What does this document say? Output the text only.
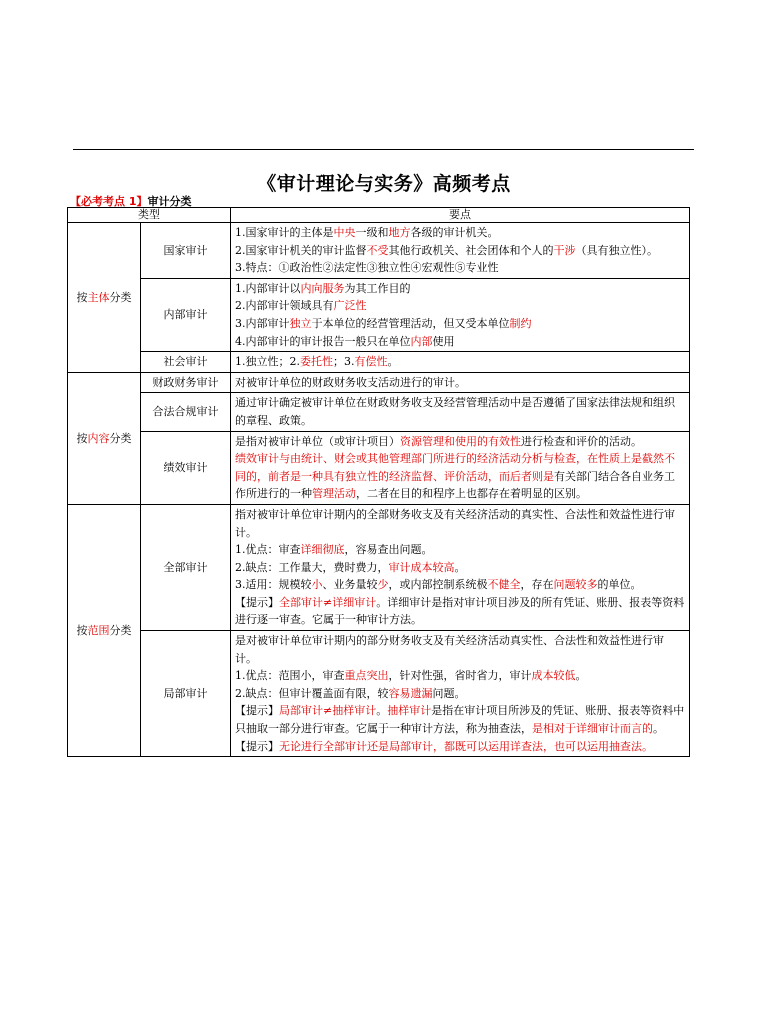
《审计理论与实务》高频考点
【必考考点 1】审计分类
类型		要点
按主体分类	国家审计	1.国家审计的主体是中央一级和地方各级的审计机关。

2.国家审计机关的审计监督不受其他行政机关、社会团体和个人的干涉（具有独立性）。

3.特点：①政治性②法定性③独立性④宏观性⑤专业性

	内部审计	1.内部审计以内向服务为其工作目的

2.内部审计领域具有广泛性

3.内部审计独立于本单位的经营管理活动，但又受本单位制约

4.内部审计的审计报告一般只在单位内部使用

	社会审计	1.独立性；2.委托性；3.有偿性。

按内容分类	财政财务审计	对被审计单位的财政财务收支活动进行的审计。

	合法合规审计	通过审计确定被审计单位在财政财务收支及经营管理活动中是否遵循了国家法律法规和组织的章程、政策。

	绩效审计	是指对被审计单位（或审计项目）资源管理和使用的有效性进行检查和评价的活动。

绩效审计与由统计、财会或其他管理部门所进行的经济活动分析与检查，在性质上是截然不同的，前者是一种具有独立性的经济监督、评价活动，而后者则是有关部门结合各自业务工作所进行的一种管理活动，二者在目的和程序上也都存在着明显的区别。

按范围分类	全部审计	指对被审计单位审计期内的全部财务收支及有关经济活动的真实性、合法性和效益性进行审计。

1.优点：审查详细彻底，容易查出问题。

2.缺点：工作量大，费时费力，审计成本较高。

3.适用：规模较小、业务量较少，或内部控制系统极不健全，存在问题较多的单位。

【提示】全部审计≠详细审计。详细审计是指对审计项目涉及的所有凭证、账册、报表等资料进行逐一审查。它属于一种审计方法。

	局部审计	是对被审计单位审计期内的部分财务收支及有关经济活动真实性、合法性和效益性进行审计。

1.优点：范围小，审查重点突出，针对性强，省时省力，审计成本较低。

2.缺点：但审计覆盖面有限，较容易遗漏问题。

【提示】局部审计≠抽样审计。抽样审计是指在审计项目所涉及的凭证、账册、报表等资料中只抽取一部分进行审查。它属于一种审计方法，称为抽查法，是相对于详细审计而言的。

【提示】无论进行全部审计还是局部审计，都既可以运用详查法，也可以运用抽查法。
